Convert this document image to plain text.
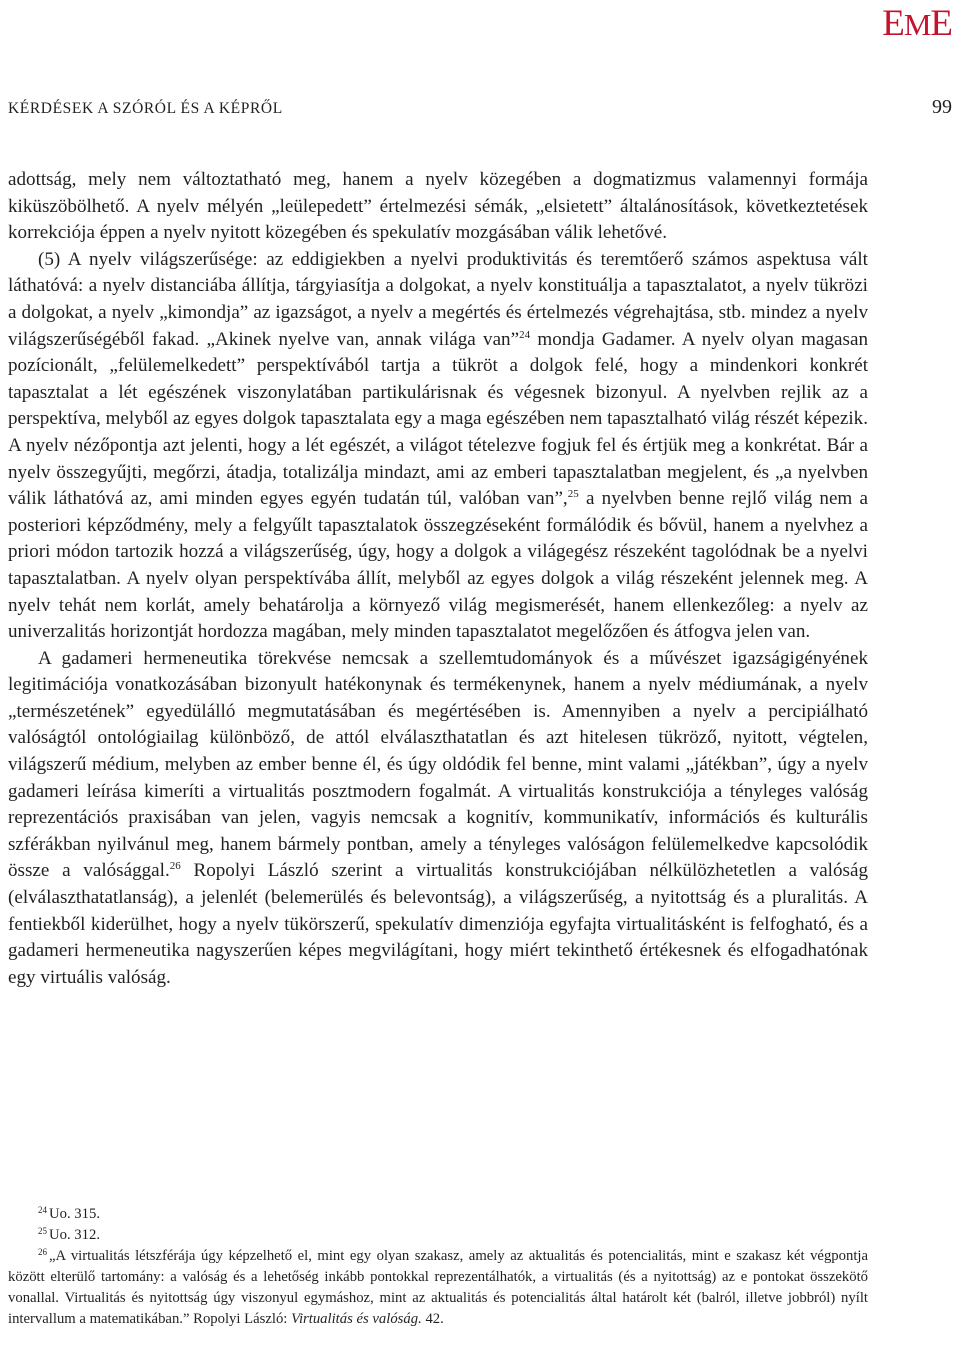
EME
KÉRDÉSEK A SZÓRÓL ÉS A KÉPRŐL	99

adottság, mely nem változtatható meg, hanem a nyelv közegében a dogmatizmus valamennyi formája kiküszöbölhető. A nyelv mélyén „leülepedett” értelmezési sémák, „elsietett” általánosítások, következtetések korrekciója éppen a nyelv nyitott közegében és spekulatív mozgásában válik lehetővé.

(5) A nyelv világszerűsége: az eddigiekben a nyelvi produktivitás és teremtőerő számos aspektusa vált láthatóvá: a nyelv distanciába állítja, tárgyiasítja a dolgokat, a nyelv konstituálja a tapasztalatot, a nyelv tükrözi a dolgokat, a nyelv „kimondja” az igazságot, a nyelv a megértés és értelmezés végrehajtása, stb. mindez a nyelv világszerűségéből fakad. „Akinek nyelve van, annak világa van”$^{24}$ mondja Gadamer. A nyelv olyan magasan pozícionált, „felülemelkedett” perspektívából tartja a tükröt a dolgok felé, hogy a mindenkori konkrét tapasztalat a lét egészének viszonylatában partikulárisnak és végesnek bizonyul. A nyelvben rejlik az a perspektíva, melyből az egyes dolgok tapasztalata egy a maga egészében nem tapasztalható világ részét képezik. A nyelv nézőpontja azt jelenti, hogy a lét egészét, a világot tételezve fogjuk fel és értjük meg a konkrétat. Bár a nyelv összegyűjti, megőrzi, átadja, totalizálja mindazt, ami az emberi tapasztalatban megjelent, és „a nyelvben válik láthatóvá az, ami minden egyes egyén tudatán túl, valóban van”,$^{25}$ a nyelvben benne rejlő világ nem a posteriori képződmény, mely a felgyűlt tapasztalatok összegzéseként formálódik és bővül, hanem a nyelvhez a priori módon tartozik hozzá a világszerűség, úgy, hogy a dolgok a világegész részeként tagolódnak be a nyelvi tapasztalatban. A nyelv olyan perspektívába állít, melyből az egyes dolgok a világ részeként jelennek meg. A nyelv tehát nem korlát, amely behatárolja a környező világ megismerését, hanem ellenkezőleg: a nyelv az univerzalitás horizontját hordozza magában, mely minden tapasztalatot megelőzően és átfogva jelen van.

A gadameri hermeneutika törekvése nemcsak a szellemtudományok és a művészet igazságigényének legitimációja vonatkozásában bizonyult hatékonynak és termékenynek, hanem a nyelv médiumának, a nyelv „természetének” egyedülálló megmutatásában és megértésében is. Amennyiben a nyelv a percipiálható valóságtól ontológiailag különböző, de attól elválaszthatatlan és azt hitelesen tükröző, nyitott, végtelen, világszerű médium, melyben az ember benne él, és úgy oldódik fel benne, mint valami „játékban”, úgy a nyelv gadameri leírása kimeríti a virtualitás posztmodern fogalmát. A virtualitás konstrukciója a tényleges valóság reprezentációs praxisában van jelen, vagyis nemcsak a kognitív, kommunikatív, információs és kulturális szférákban nyilvánul meg, hanem bármely pontban, amely a tényleges valóságon felülemelkedve kapcsolódik össze a valósággal.$^{26}$ Ropolyi László szerint a virtualitás konstrukciójában nélkülözhetetlen a valóság (elválaszthatatlanság), a jelenlét (belemerülés és belevontság), a világszerűség, a nyitottság és a pluralitás. A fentiekből kiderülhet, hogy a nyelv tükörszerű, spekulatív dimenziója egyfajta virtualitásként is felfogható, és a gadameri hermeneutika nagyszerűen képes megvilágítani, hogy miért tekinthető értékesnek és elfogadhatónak egy virtuális valóság.

$^{24}$ Uo. 315.

$^{25}$ Uo. 312.

$^{26}$ „A virtualitás létszférája úgy képzelhető el, mint egy olyan szakasz, amely az aktualitás és potencialitás, mint e szakasz két végpontja között elterülő tartomány: a valóság és a lehetőség inkább pontokkal reprezentálhatók, a virtualitás (és a nyitottság) az e pontokat összekötő vonallal. Virtualitás és nyitottság úgy viszonyul egymáshoz, mint az aktualitás és potencialitás által határolt két (balról, illetve jobbról) nyílt intervallum a matematikában.” Ropolyi László: Virtualitás és valóság. 42.
